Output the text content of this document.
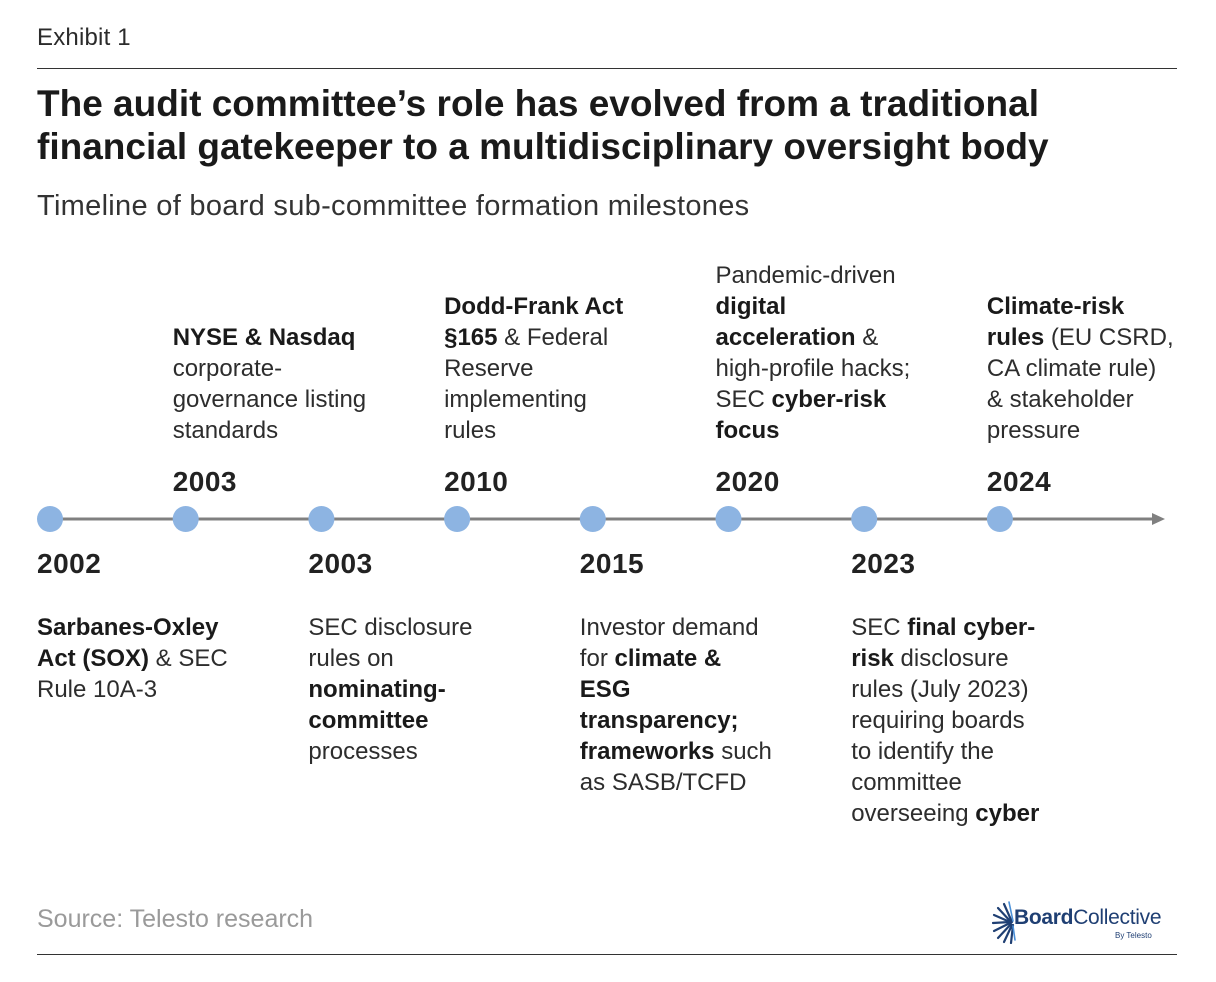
Exhibit 1
The audit committee’s role has evolved from a traditional financial gatekeeper to a multidisciplinary oversight body
Timeline of board sub-committee formation milestones
2002
Sarbanes-Oxley Act (SOX) & SEC Rule 10A-3
2003
NYSE & Nasdaq corporate-governance listing standards
2003
SEC disclosure rules on nominating-committee processes
2010
Dodd-Frank Act §165 & Federal Reserve implementing rules
2015
Investor demand for climate & ESG transparency; frameworks such as SASB/TCFD
2020
Pandemic-driven digital acceleration & high-profile hacks; SEC cyber-risk focus
2023
SEC final cyber-risk disclosure rules (July 2023) requiring boards to identify the committee overseeing cyber
2024
Climate-risk rules (EU CSRD, CA climate rule) & stakeholder pressure
Source: Telesto research	BoardCollective
By Telesto
